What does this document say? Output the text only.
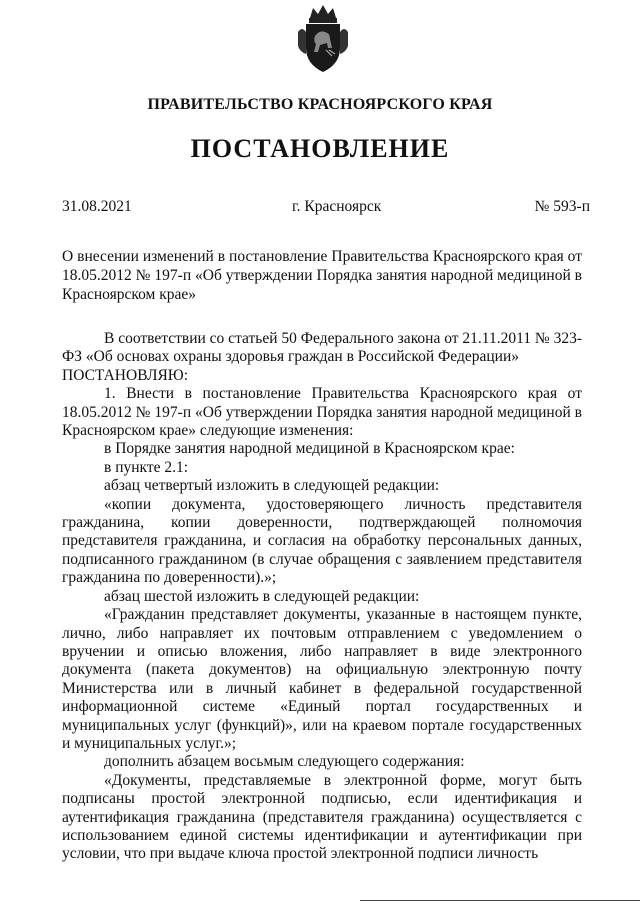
ПРАВИТЕЛЬСТВО КРАСНОЯРСКОГО КРАЯ
ПОСТАНОВЛЕНИЕ
31.08.2021	г. Красноярск	№ 593-п
О внесении изменений в постановление Правительства Красноярского края от 18.05.2012 № 197-п «Об утверждении Порядка занятия народной медициной в Красноярском крае»

В соответствии со статьей 50 Федерального закона от 21.11.2011 № 323-ФЗ «Об основах охраны здоровья граждан в Российской Федерации»

ПОСТАНОВЛЯЮ:

1. Внести в постановление Правительства Красноярского края от 18.05.2012 № 197-п «Об утверждении Порядка занятия народной медициной в Красноярском крае» следующие изменения:

в Порядке занятия народной медициной в Красноярском крае:

в пункте 2.1:

абзац четвертый изложить в следующей редакции:

«копии документа, удостоверяющего личность представителя гражданина, копии доверенности, подтверждающей полномочия представителя гражданина, и согласия на обработку персональных данных, подписанного гражданином (в случае обращения с заявлением представителя гражданина по доверенности).»;

абзац шестой изложить в следующей редакции:

«Гражданин представляет документы, указанные в настоящем пункте, лично, либо направляет их почтовым отправлением с уведомлением о вручении и описью вложения, либо направляет в виде электронного документа (пакета документов) на официальную электронную почту Министерства или в личный кабинет в федеральной государственной информационной системе «Единый портал государственных и муниципальных услуг (функций)», или на краевом портале государственных и муниципальных услуг.»;

дополнить абзацем восьмым следующего содержания:

«Документы, представляемые в электронной форме, могут быть подписаны простой электронной подписью, если идентификация и аутентификация гражданина (представителя гражданина) осуществляется с использованием единой системы идентификации и аутентификации при условии, что при выдаче ключа простой электронной подписи личность
